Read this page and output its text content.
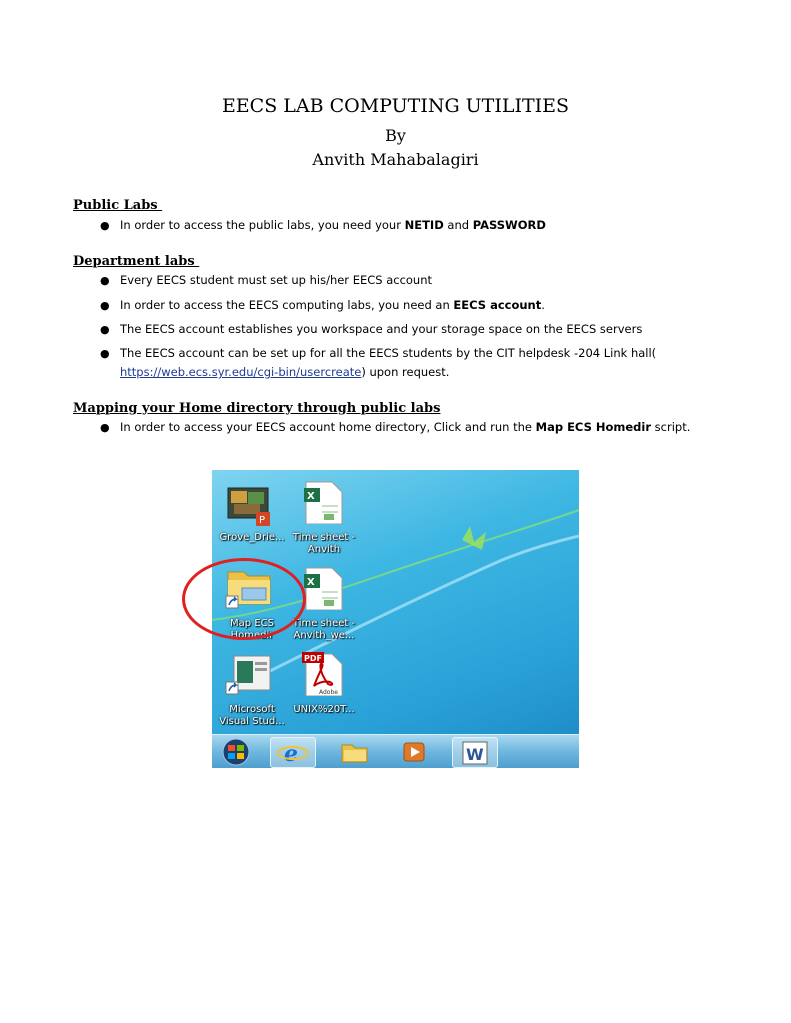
EECS LAB COMPUTING UTILITIES
By
Anvith Mahabalagiri
Public Labs
● In order to access the public labs, you need your NETID and PASSWORD
Department labs
● Every EECS student must set up his/her EECS account
● In order to access the EECS computing labs, you need an EECS account.
● The EECS account establishes you workspace and your storage space on the EECS servers
● The EECS account can be set up for all the EECS students by the CIT helpdesk -204 Link hall(
https://web.ecs.syr.edu/cgi-bin/usercreate) upon request.
Mapping your Home directory through public labs
● In order to access your EECS account home directory, Click and run the Map ECS Homedir script.
P
Grove_Drie...
X
Time sheet -
Anvith
Map ECS
Homedir
X
Time sheet -
Anvith_we...
Microsoft
Visual Stud...
PDF
Adobe
UNIX%20T...
e	W
